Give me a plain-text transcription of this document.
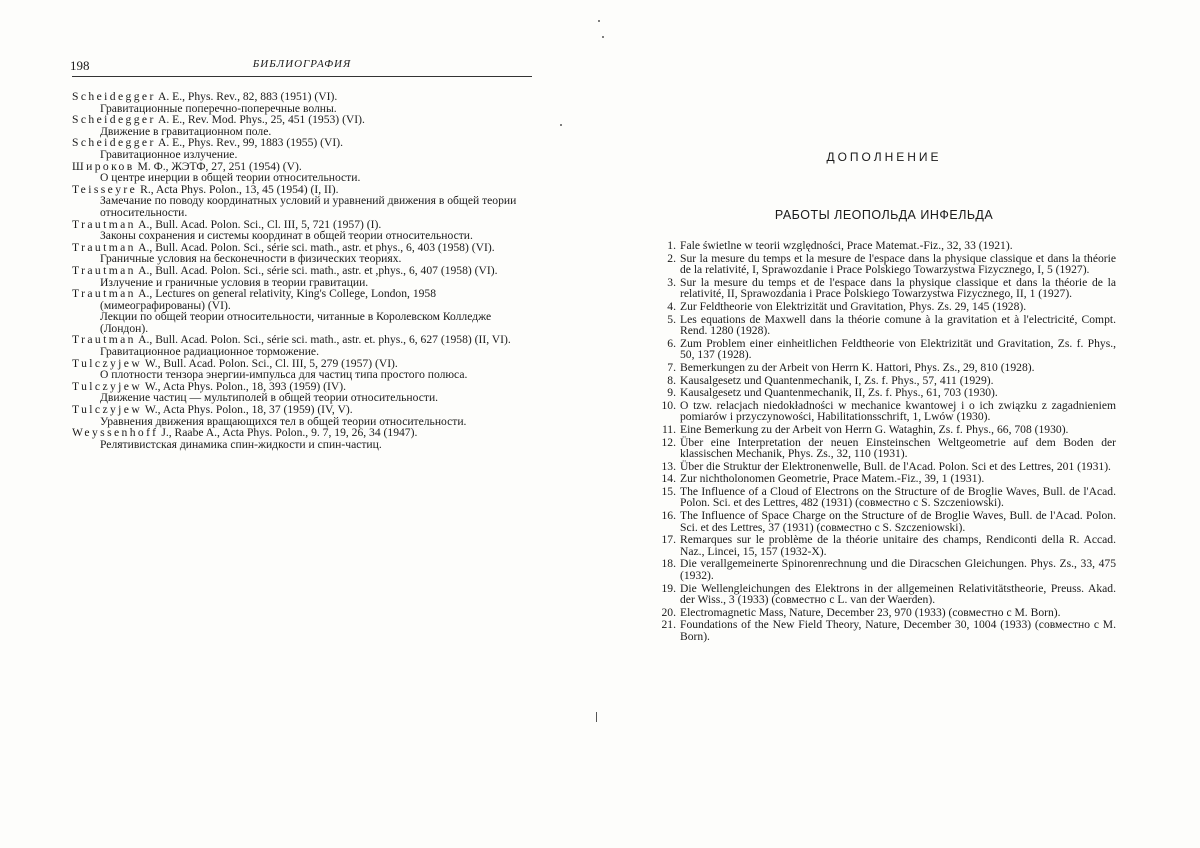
198	БИБЛИОГРАФИЯ

Scheidegger A. E., Phys. Rev., 82, 883 (1951) (VI).
Гравитационные поперечно-поперечные волны.

Scheidegger A. E., Rev. Mod. Phys., 25, 451 (1953) (VI).
Движение в гравитационном поле.

Scheidegger A. E., Phys. Rev., 99, 1883 (1955) (VI).
Гравитационное излучение.

Широков М. Ф., ЖЭТФ, 27, 251 (1954) (V).
О центре инерции в общей теории относительности.

Teisseyre R., Acta Phys. Polon., 13, 45 (1954) (I, II).
Замечание по поводу координатных условий и уравнений движения в общей теории относительности.

Trautman A., Bull. Acad. Polon. Sci., Cl. III, 5, 721 (1957) (I).
Законы сохранения и системы координат в общей теории относительности.

Trautman A., Bull. Acad. Polon. Sci., série sci. math., astr. et phys., 6, 403 (1958) (VI).
Граничные условия на бесконечности в физических теориях.

Trautman A., Bull. Acad. Polon. Sci., série sci. math., astr. et ,phys., 6, 407 (1958) (VI).
Излучение и граничные условия в теории гравитации.

Trautman A., Lectures on general relativity, King's College, London, 1958 (мимеографированы) (VI).
Лекции по общей теории относительности, читанные в Королевском Колледже (Лондон).

Trautman A., Bull. Acad. Polon. Sci., série sci. math., astr. et. phys., 6, 627 (1958) (II, VI).
Гравитационное радиационное торможение.

Tulczyjew W., Bull. Acad. Polon. Sci., Cl. III, 5, 279 (1957) (VI).
О плотности тензора энергии-импульса для частиц типа простого полюса.

Tulczyjew W., Acta Phys. Polon., 18, 393 (1959) (IV).
Движение частиц — мультиполей в общей теории относительности.

Tulczyjew W., Acta Phys. Polon., 18, 37 (1959) (IV, V).
Уравнения движения вращающихся тел в общей теории относительности.

Weyssenhoff J., Raabe A., Acta Phys. Polon., 9. 7, 19, 26, 34 (1947).
Релятивистская динамика спин-жидкости и спин-частиц.

ДОПОЛНЕНИЕ
РАБОТЫ ЛЕОПОЛЬДА ИНФЕЛЬДА
1. Fale świetlne w teorii względności, Prace Matemat.-Fiz., 32, 33 (1921).
2. Sur la mesure du temps et la mesure de l'espace dans la physique classique et dans la théorie de la relativité, I, Sprawozdanie i Prace Polskiego Towarzystwa Fizycznego, I, 5 (1927).
3. Sur la mesure du temps et de l'espace dans la physique classique et dans la théorie de la relativité, II, Sprawozdania i Prace Polskiego Towarzystwa Fizycznego, II, 1 (1927).
4. Zur Feldtheorie von Elektrizität und Gravitation, Phys. Zs. 29, 145 (1928).
5. Les equations de Maxwell dans la théorie comune à la gravitation et à l'electricité, Compt. Rend. 1280 (1928).
6. Zum Problem einer einheitlichen Feldtheorie von Elektrizität und Gravitation, Zs. f. Phys., 50, 137 (1928).
7. Bemerkungen zu der Arbeit von Herrn K. Hattori, Phys. Zs., 29, 810 (1928).
8. Kausalgesetz und Quantenmechanik, I, Zs. f. Phys., 57, 411 (1929).
9. Kausalgesetz und Quantenmechanik, II, Zs. f. Phys., 61, 703 (1930).
10. O tzw. relacjach niedokładności w mechanice kwantowej i o ich związku z zagadnieniem pomiarów i przyczynowości, Habilitationsschrift, 1, Lwów (1930).
11. Eine Bemerkung zu der Arbeit von Herrn G. Wataghin, Zs. f. Phys., 66, 708 (1930).
12. Über eine Interpretation der neuen Einsteinschen Weltgeometrie auf dem Boden der klassischen Mechanik, Phys. Zs., 32, 110 (1931).
13. Über die Struktur der Elektronenwelle, Bull. de l'Acad. Polon. Sci et des Lettres, 201 (1931).
14. Zur nichtholonomen Geometrie, Prace Matem.-Fiz., 39, 1 (1931).
15. The Influence of a Cloud of Electrons on the Structure of de Broglie Waves, Bull. de l'Acad. Polon. Sci. et des Lettres, 482 (1931) (совместно с S. Szczeniowski).
16. The Influence of Space Charge on the Structure of de Broglie Waves, Bull. de l'Acad. Polon. Sci. et des Lettres, 37 (1931) (совместно с S. Szczeniowski).
17. Remarques sur le problème de la théorie unitaire des champs, Rendiconti della R. Accad. Naz., Lincei, 15, 157 (1932-X).
18. Die verallgemeinerte Spinorenrechnung und die Diracschen Gleichungen. Phys. Zs., 33, 475 (1932).
19. Die Wellengleichungen des Elektrons in der allgemeinen Relativitätstheorie, Preuss. Akad. der Wiss., 3 (1933) (совместно с L. van der Waerden).
20. Electromagnetic Mass, Nature, December 23, 970 (1933) (совместно с M. Born).
21. Foundations of the New Field Theory, Nature, December 30, 1004 (1933) (совместно с M. Born).
